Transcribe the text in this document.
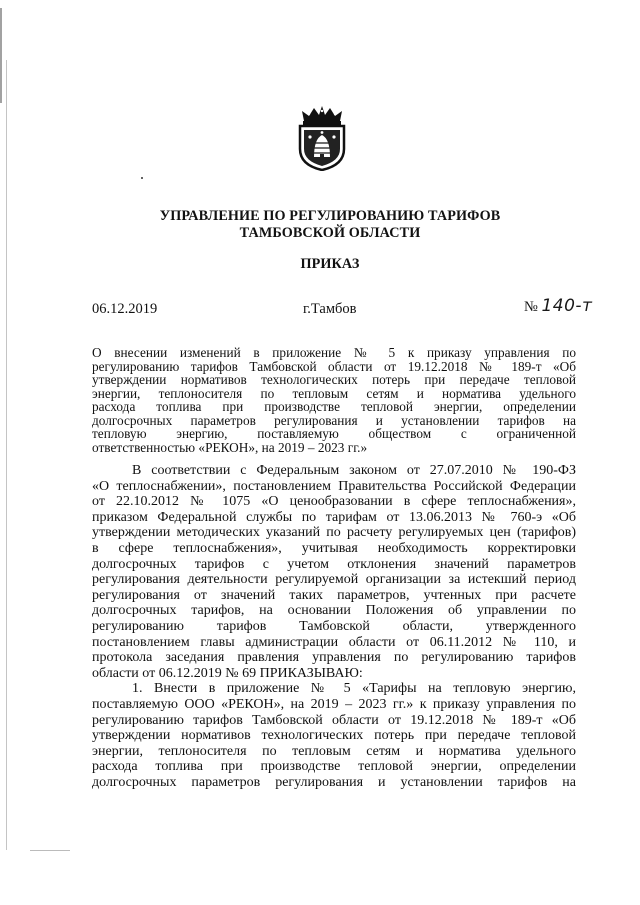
УПРАВЛЕНИЕ ПО РЕГУЛИРОВАНИЮ ТАРИФОВ
ТАМБОВСКОЙ ОБЛАСТИ
ПРИКАЗ
06.12.2019	г.Тамбов	№ 140-т
О внесении изменений в приложение № 5 к приказу управления по
регулированию тарифов Тамбовской области от 19.12.2018 № 189-т «Об
утверждении нормативов технологических потерь при передаче тепловой
энергии, теплоносителя по тепловым сетям и норматива удельного
расхода топлива при производстве тепловой энергии, определении
долгосрочных параметров регулирования и установлении тарифов на
тепловую энергию, поставляемую обществом с ограниченной
ответственностью «РЕКОН», на 2019 – 2023 гг.»
В соответствии с Федеральным законом от 27.07.2010 № 190-ФЗ
«О теплоснабжении», постановлением Правительства Российской Федерации
от 22.10.2012 № 1075 «О ценообразовании в сфере теплоснабжения»,
приказом Федеральной службы по тарифам от 13.06.2013 № 760-э «Об
утверждении методических указаний по расчету регулируемых цен (тарифов)
в сфере теплоснабжения», учитывая необходимость корректировки
долгосрочных тарифов с учетом отклонения значений параметров
регулирования деятельности регулируемой организации за истекший период
регулирования от значений таких параметров, учтенных при расчете
долгосрочных тарифов, на основании Положения об управлении по
регулированию тарифов Тамбовской области, утвержденного
постановлением главы администрации области от 06.11.2012 № 110, и
протокола заседания правления управления по регулированию тарифов
области от 06.12.2019 № 69 ПРИКАЗЫВАЮ:
1. Внести в приложение № 5 «Тарифы на тепловую энергию,
поставляемую ООО «РЕКОН», на 2019 – 2023 гг.» к приказу управления по
регулированию тарифов Тамбовской области от 19.12.2018 № 189-т «Об
утверждении нормативов технологических потерь при передаче тепловой
энергии, теплоносителя по тепловым сетям и норматива удельного
расхода топлива при производстве тепловой энергии, определении
долгосрочных параметров регулирования и установлении тарифов на
